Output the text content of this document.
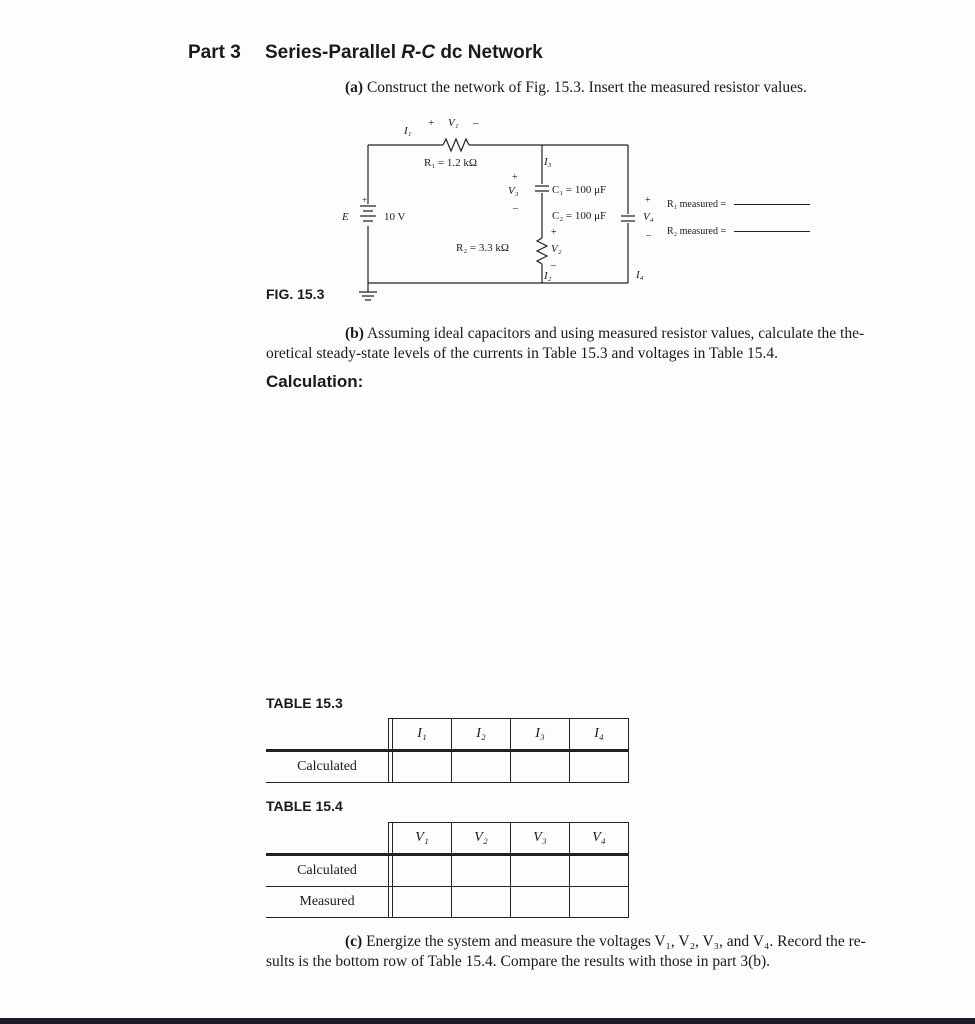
Part 3 Series-Parallel R-C dc Network
(a) Construct the network of Fig. 15.3. Insert the measured resistor values.
I₁
+ V₁ –
R₁ = 1.2 kΩ	I₃
+
V₃
–
C₁ = 100 μF
C₂ = 100 μF
+
V₂
–
R₂ = 3.3 kΩ
I₂
+
V₄
–
I₄
E
+
10 V
R₁ measured =
R₂ measured =
FIG. 15.3
(b) Assuming ideal capacitors and using measured resistor values, calculate the the-
oretical steady-state levels of the currents in Table 15.3 and voltages in Table 15.4.
Calculation:
TABLE 15.3
		I₁	I₂	I₃	I₄
Calculated					
TABLE 15.4
		V₁	V₂	V₃	V₄
Calculated					
Measured					
(c) Energize the system and measure the voltages V₁, V₂, V₃, and V₄. Record the re-
sults is the bottom row of Table 15.4. Compare the results with those in part 3(b).
